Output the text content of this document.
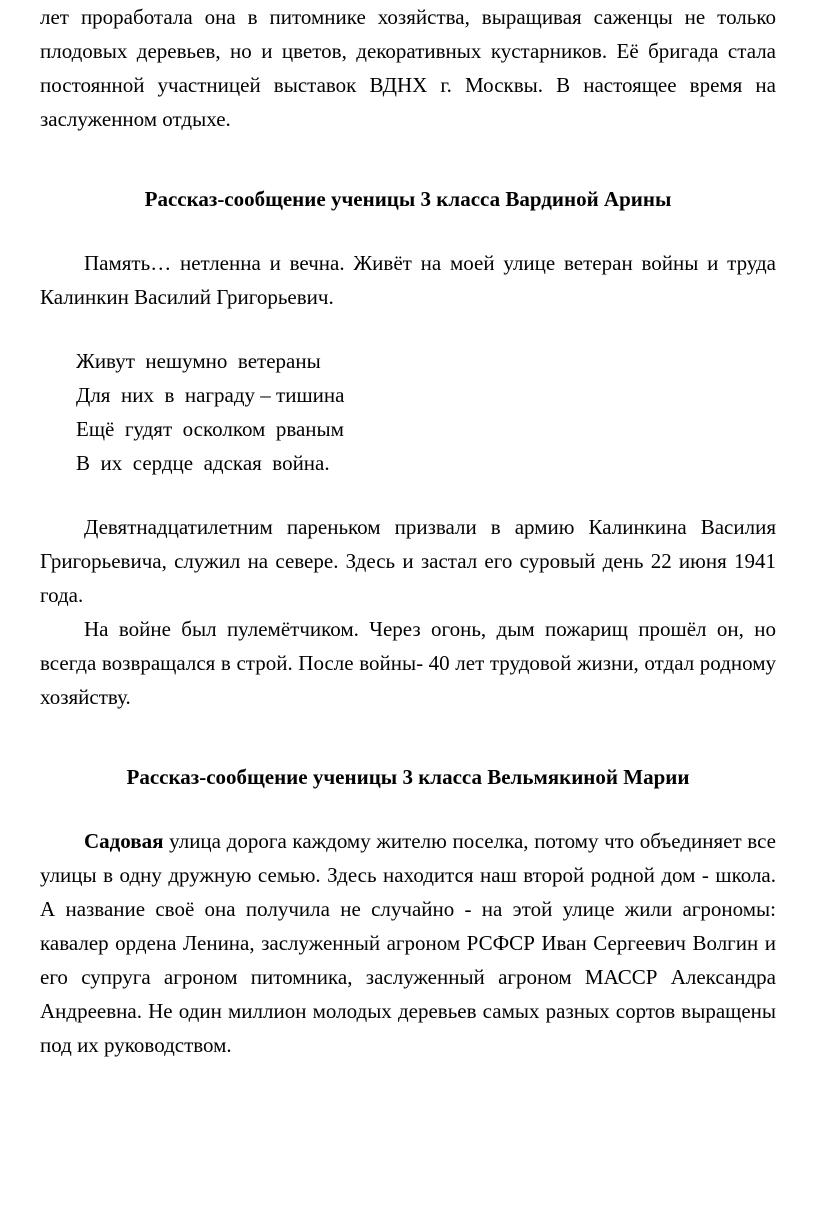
лет проработала она в питомнике хозяйства, выращивая саженцы не только плодовых деревьев, но и цветов, декоративных кустарников. Её бригада стала постоянной участницей выставок ВДНХ г. Москвы. В настоящее время на заслуженном отдыхе.

Рассказ-сообщение ученицы 3 класса Вардиной Арины

Память… нетленна и вечна. Живёт на моей улице ветеран войны и труда Калинкин Василий Григорьевич.

Живут  нешумно  ветераны
Для  них  в  награду – тишина
Ещё  гудят  осколком  рваным
В  их  сердце  адская  война.

Девятнадцатилетним пареньком призвали в армию Калинкина Василия Григорьевича, служил на севере. Здесь и застал его суровый день 22 июня 1941 года.

На войне был пулемётчиком. Через огонь, дым пожарищ прошёл он, но всегда возвращался в строй. После войны- 40 лет трудовой жизни, отдал родному хозяйству.

Рассказ-сообщение ученицы 3 класса Вельмякиной Марии

Садовая улица дорога каждому жителю поселка, потому что объединяет все улицы в одну дружную семью. Здесь находится наш второй родной дом - школа. А название своё она получила не случайно - на этой улице жили агрономы: кавалер ордена Ленина, заслуженный агроном РСФСР Иван Сергеевич Волгин и его супруга агроном питомника, заслуженный агроном МАССР Александра Андреевна. Не один миллион молодых деревьев самых разных сортов выращены под их руководством.
